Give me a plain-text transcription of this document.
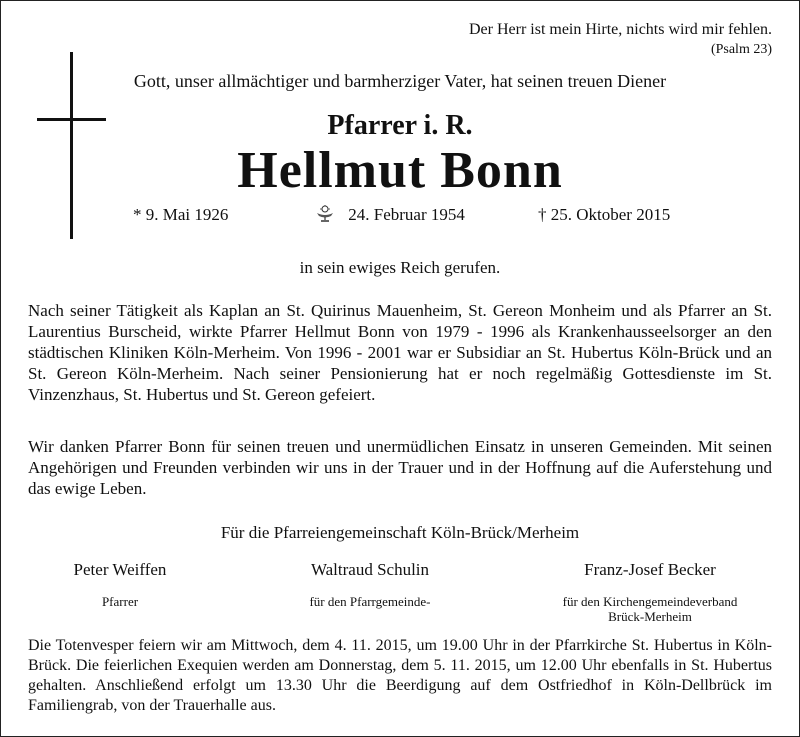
Der Herr ist mein Hirte, nichts wird mir fehlen.
(Psalm 23)
Gott, unser allmächtiger und barmherziger Vater, hat seinen treuen Diener
Pfarrer i. R.
Hellmut Bonn
* 9. Mai 1926	24. Februar 1954	† 25. Oktober 2015
in sein ewiges Reich gerufen.
Nach seiner Tätigkeit als Kaplan an St. Quirinus Mauenheim, St. Gereon Monheim und als Pfarrer an St. Laurentius Burscheid, wirkte Pfarrer Hellmut Bonn von 1979 - 1996 als Krankenhausseelsorger an den städtischen Kliniken Köln-Merheim. Von 1996 - 2001 war er Subsidiar an St. Hubertus Köln-Brück und an St. Gereon Köln-Merheim. Nach seiner Pensionierung hat er noch regelmäßig Gottesdienste im St. Vinzenzhaus, St. Hubertus und St. Gereon gefeiert.
Wir danken Pfarrer Bonn für seinen treuen und unermüdlichen Einsatz in unseren Gemeinden. Mit seinen Angehörigen und Freunden verbinden wir uns in der Trauer und in der Hoffnung auf die Auferstehung und das ewige Leben.
Für die Pfarreiengemeinschaft Köln-Brück/Merheim
Peter Weiffen
Pfarrer
Waltraud Schulin
für den Pfarrgemeinde-
Franz-Josef Becker
für den Kirchengemeindeverband
Brück-Merheim
Die Totenvesper feiern wir am Mittwoch, dem 4. 11. 2015, um 19.00 Uhr in der Pfarrkirche St. Hubertus in Köln-Brück. Die feierlichen Exequien werden am Donnerstag, dem 5. 11. 2015, um 12.00 Uhr ebenfalls in St. Hubertus gehalten. Anschließend erfolgt um 13.30 Uhr die Beerdigung auf dem Ostfriedhof in Köln-Dellbrück im Familiengrab, von der Trauerhalle aus.
